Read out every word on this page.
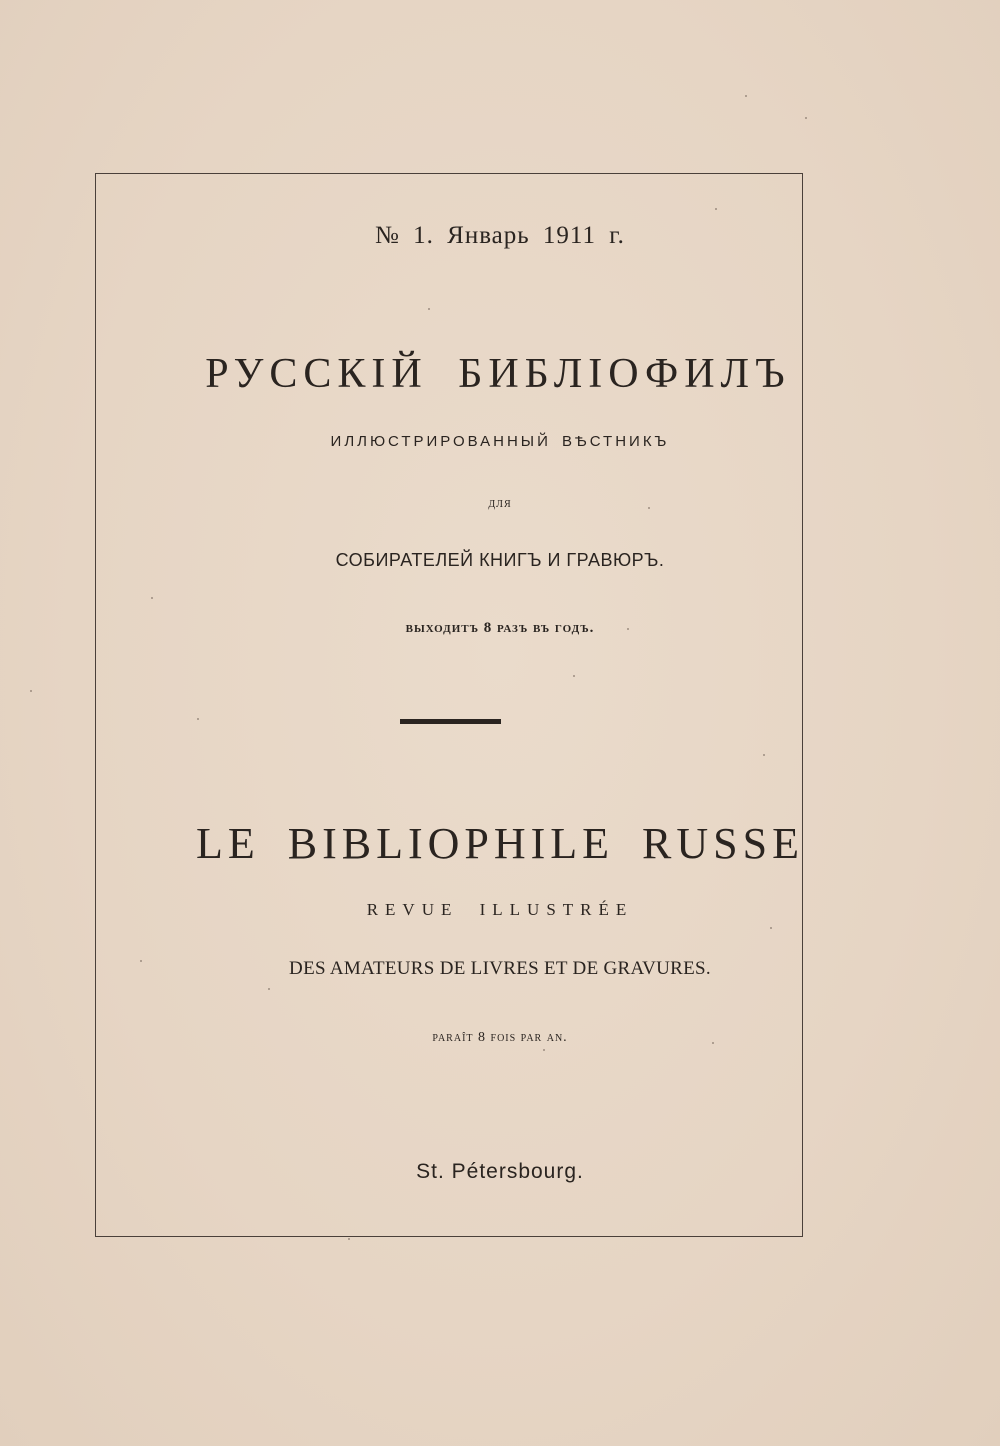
№ 1. Январь 1911 г.
РУССКIЙ БИБЛIОФИЛЪ
ИЛЛЮСТРИРОВАННЫЙ ВѢСТНИКЪ
для
СОБИРАТЕЛЕЙ КНИГЪ И ГРАВЮРЪ.
выходитъ 8 разъ въ годъ.
LE BIBLIOPHILE RUSSE
REVUE ILLUSTRÉE
DES AMATEURS DE LIVRES ET DE GRAVURES.
paraît 8 fois par an.
St. Pétersbourg.
